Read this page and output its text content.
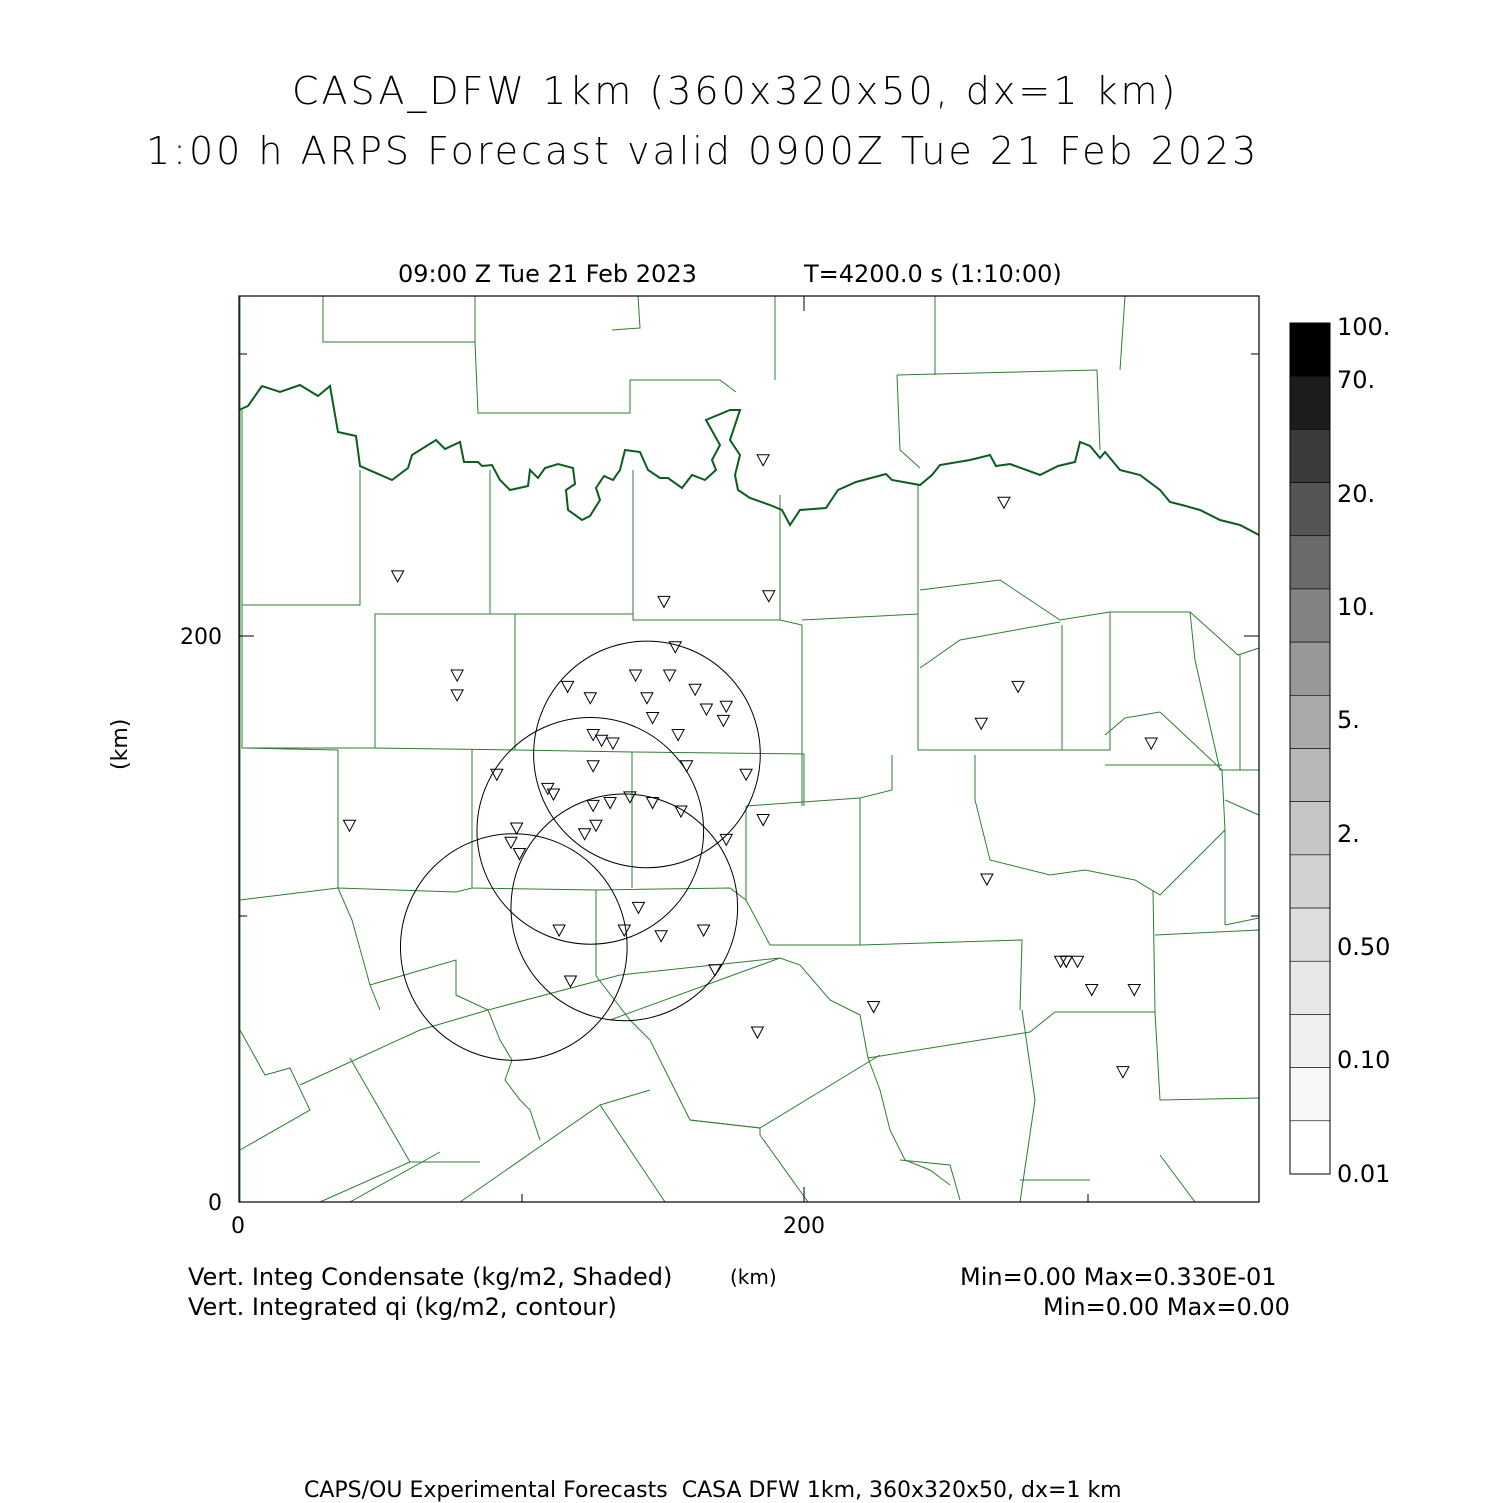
CASA_DFW 1km (360x320x50, dx=1 km)
1:00 h ARPS Forecast valid 0900Z Tue 21 Feb 2023
09:00 Z Tue 21 Feb 2023	T=4200.0 s (1:10:00)
200
0
0	200
(km)
(km)
Vert. Integ Condensate (kg/m2, Shaded)
Vert. Integrated qi (kg/m2, contour)
Min=0.00 Max=0.330E-01
Min=0.00 Max=0.00
CAPS/OU Experimental Forecasts  CASA DFW 1km, 360x320x50, dx=1 km
100.
70.
20.
10.
5.
2.
0.50
0.10
0.01
